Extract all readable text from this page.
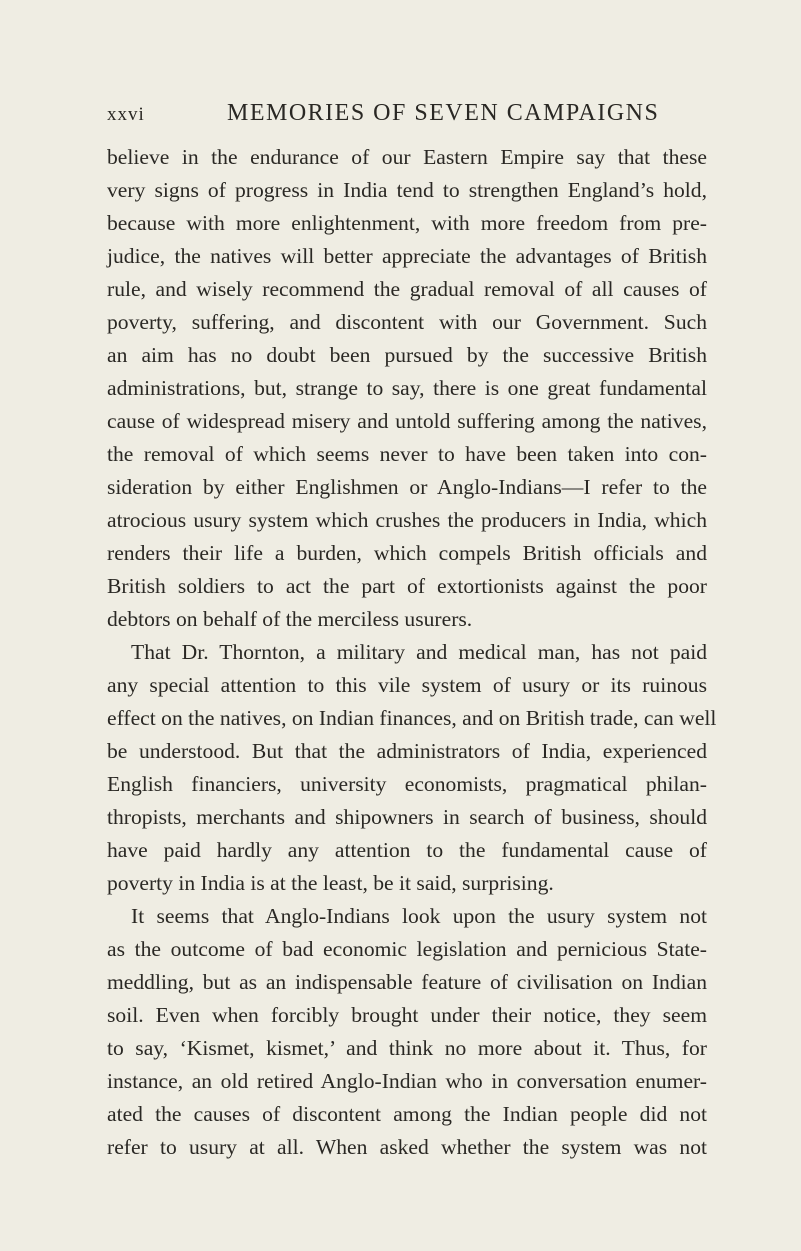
xxvi	MEMORIES OF SEVEN CAMPAIGNS
believe in the endurance of our Eastern Empire say that these
very signs of progress in India tend to strengthen England’s hold,
because with more enlightenment, with more freedom from pre-
judice, the natives will better appreciate the advantages of British
rule, and wisely recommend the gradual removal of all causes of
poverty, suffering, and discontent with our Government. Such
an aim has no doubt been pursued by the successive British
administrations, but, strange to say, there is one great fundamental
cause of widespread misery and untold suffering among the natives,
the removal of which seems never to have been taken into con-
sideration by either Englishmen or Anglo-Indians—I refer to the
atrocious usury system which crushes the producers in India, which
renders their life a burden, which compels British officials and
British soldiers to act the part of extortionists against the poor
debtors on behalf of the merciless usurers.
That Dr. Thornton, a military and medical man, has not paid
any special attention to this vile system of usury or its ruinous
effect on the natives, on Indian finances, and on British trade, can well
be understood. But that the administrators of India, experienced
English financiers, university economists, pragmatical philan-
thropists, merchants and shipowners in search of business, should
have paid hardly any attention to the fundamental cause of
poverty in India is at the least, be it said, surprising.
It seems that Anglo-Indians look upon the usury system not
as the outcome of bad economic legislation and pernicious State-
meddling, but as an indispensable feature of civilisation on Indian
soil. Even when forcibly brought under their notice, they seem
to say, ‘Kismet, kismet,’ and think no more about it. Thus, for
instance, an old retired Anglo-Indian who in conversation enumer-
ated the causes of discontent among the Indian people did not
refer to usury at all. When asked whether the system was not
